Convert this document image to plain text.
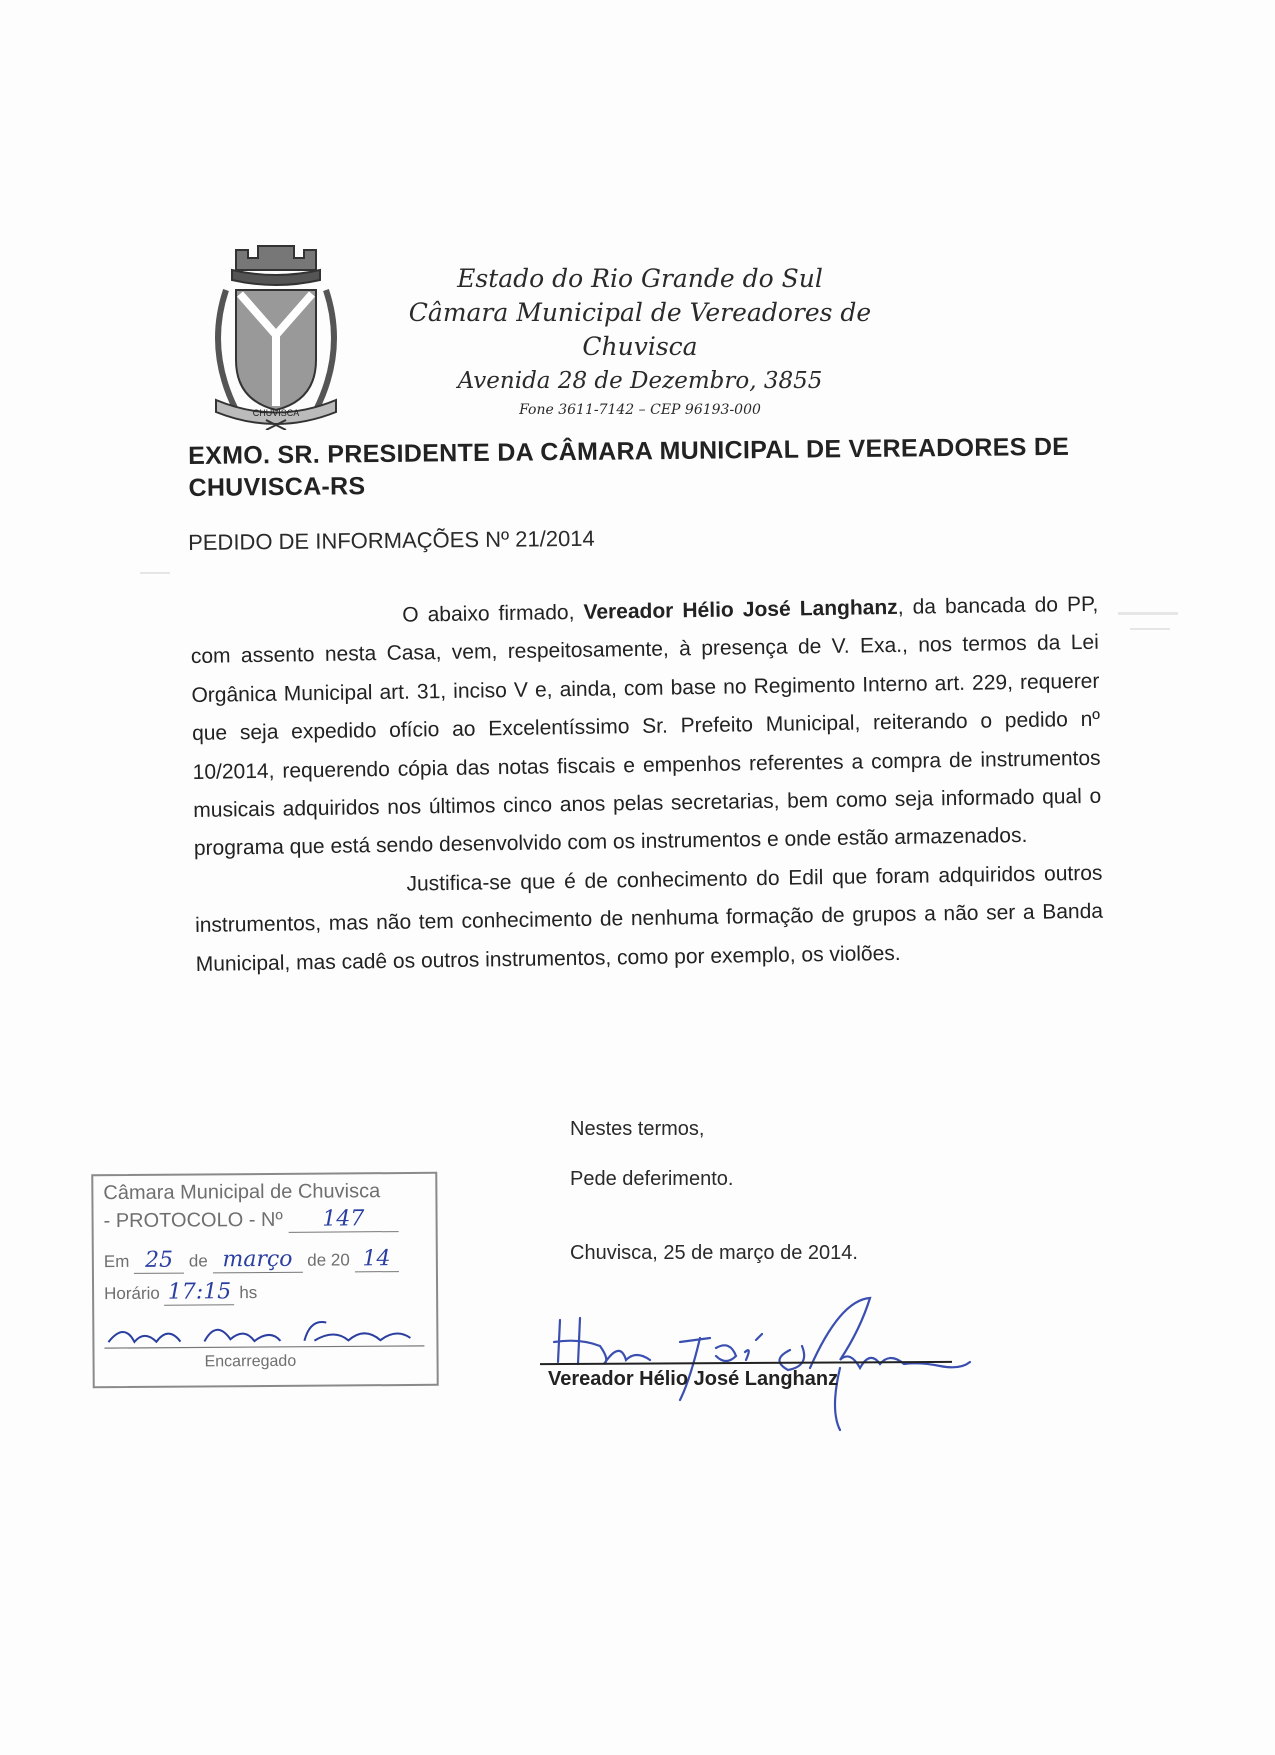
CHUVISCA
Estado do Rio Grande do Sul
Câmara Municipal de Vereadores de Chuvisca
Avenida 28 de Dezembro, 3855
Fone 3611-7142 – CEP 96193-000
EXMO. SR. PRESIDENTE DA CÂMARA MUNICIPAL DE VEREADORES DE CHUVISCA-RS
PEDIDO DE INFORMAÇÕES Nº 21/2014

O abaixo firmado, Vereador Hélio José Langhanz, da bancada do PP, com assento nesta Casa, vem, respeitosamente, à presença de V. Exa., nos termos da Lei Orgânica Municipal art. 31, inciso V e, ainda, com base no Regimento Interno art. 229, requerer que seja expedido ofício ao Excelentíssimo Sr. Prefeito Municipal, reiterando o pedido nº 10/2014, requerendo cópia das notas fiscais e empenhos referentes a compra de instrumentos musicais adquiridos nos últimos cinco anos pelas secretarias, bem como seja informado qual o programa que está sendo desenvolvido com os instrumentos e onde estão armazenados.

Justifica-se que é de conhecimento do Edil que foram adquiridos outros instrumentos, mas não tem conhecimento de nenhuma formação de grupos a não ser a Banda Municipal, mas cadê os outros instrumentos, como por exemplo, os violões.

Nestes termos,
Pede deferimento.
Chuvisca, 25 de março de 2014.
Vereador Hélio José Langhanz
Câmara Municipal de Chuvisca
- PROTOCOLO - Nº 147
Em 25 de março de 20 14
Horário 17:15 hs
Encarregado
